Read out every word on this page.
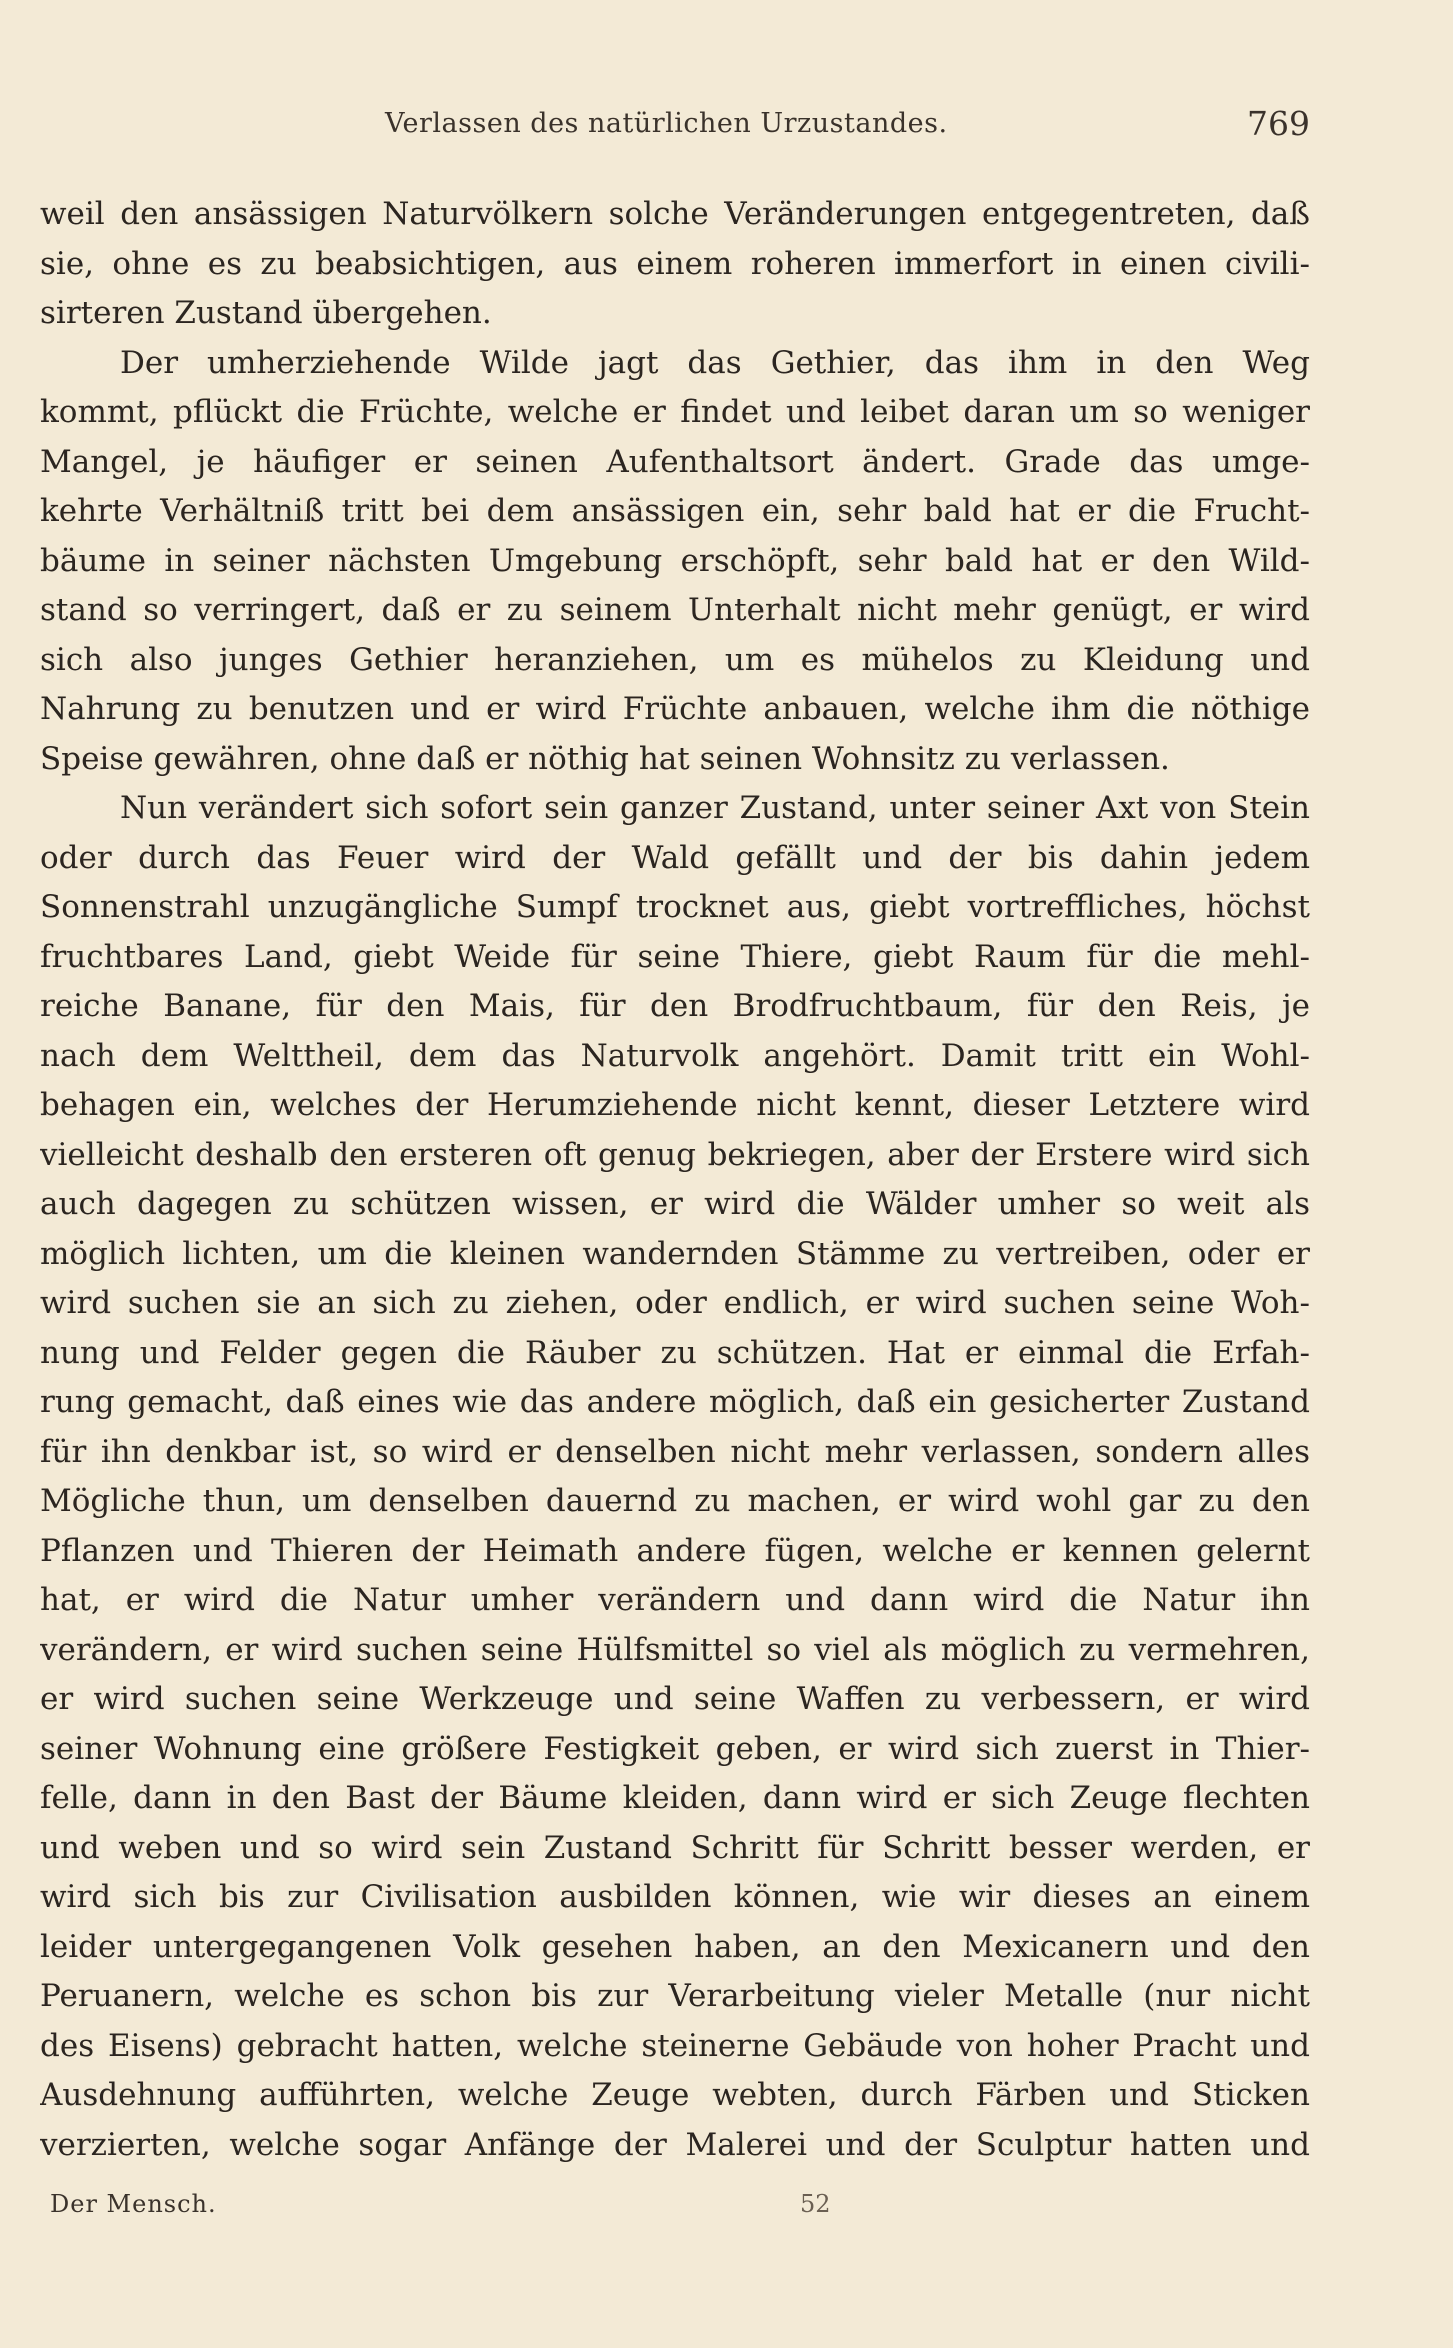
Verlassen des natürlichen Urzustandes.	769
weil den ansässigen Naturvölkern solche Veränderungen entgegentreten, daß
sie, ohne es zu beabsichtigen, aus einem roheren immerfort in einen civili-
sirteren Zustand übergehen.
Der umherziehende Wilde jagt das Gethier, das ihm in den Weg
kommt, pflückt die Früchte, welche er findet und leibet daran um so weniger
Mangel, je häufiger er seinen Aufenthaltsort ändert. Grade das umge-
kehrte Verhältniß tritt bei dem ansässigen ein, sehr bald hat er die Frucht-
bäume in seiner nächsten Umgebung erschöpft, sehr bald hat er den Wild-
stand so verringert, daß er zu seinem Unterhalt nicht mehr genügt, er wird
sich also junges Gethier heranziehen, um es mühelos zu Kleidung und
Nahrung zu benutzen und er wird Früchte anbauen, welche ihm die nöthige
Speise gewähren, ohne daß er nöthig hat seinen Wohnsitz zu verlassen.
Nun verändert sich sofort sein ganzer Zustand, unter seiner Axt von Stein
oder durch das Feuer wird der Wald gefällt und der bis dahin jedem
Sonnenstrahl unzugängliche Sumpf trocknet aus, giebt vortreffliches, höchst
fruchtbares Land, giebt Weide für seine Thiere, giebt Raum für die mehl-
reiche Banane, für den Mais, für den Brodfruchtbaum, für den Reis, je
nach dem Welttheil, dem das Naturvolk angehört. Damit tritt ein Wohl-
behagen ein, welches der Herumziehende nicht kennt, dieser Letztere wird
vielleicht deshalb den ersteren oft genug bekriegen, aber der Erstere wird sich
auch dagegen zu schützen wissen, er wird die Wälder umher so weit als
möglich lichten, um die kleinen wandernden Stämme zu vertreiben, oder er
wird suchen sie an sich zu ziehen, oder endlich, er wird suchen seine Woh-
nung und Felder gegen die Räuber zu schützen. Hat er einmal die Erfah-
rung gemacht, daß eines wie das andere möglich, daß ein gesicherter Zustand
für ihn denkbar ist, so wird er denselben nicht mehr verlassen, sondern alles
Mögliche thun, um denselben dauernd zu machen, er wird wohl gar zu den
Pflanzen und Thieren der Heimath andere fügen, welche er kennen gelernt
hat, er wird die Natur umher verändern und dann wird die Natur ihn
verändern, er wird suchen seine Hülfsmittel so viel als möglich zu vermehren,
er wird suchen seine Werkzeuge und seine Waffen zu verbessern, er wird
seiner Wohnung eine größere Festigkeit geben, er wird sich zuerst in Thier-
felle, dann in den Bast der Bäume kleiden, dann wird er sich Zeuge flechten
und weben und so wird sein Zustand Schritt für Schritt besser werden, er
wird sich bis zur Civilisation ausbilden können, wie wir dieses an einem
leider untergegangenen Volk gesehen haben, an den Mexicanern und den
Peruanern, welche es schon bis zur Verarbeitung vieler Metalle (nur nicht
des Eisens) gebracht hatten, welche steinerne Gebäude von hoher Pracht und
Ausdehnung aufführten, welche Zeuge webten, durch Färben und Sticken
verzierten, welche sogar Anfänge der Malerei und der Sculptur hatten und
Der Mensch.	52
